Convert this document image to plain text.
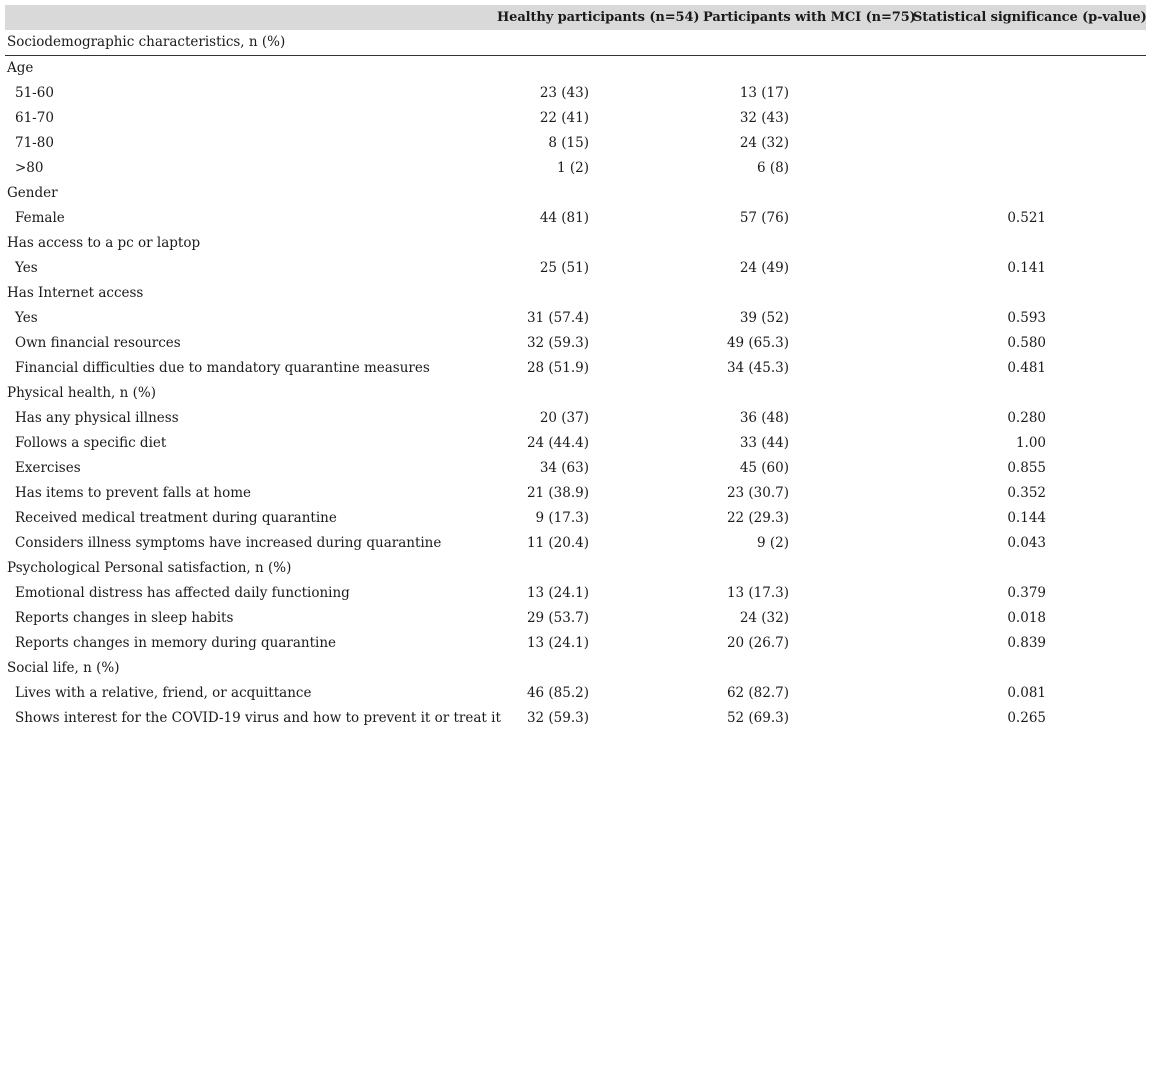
	Healthy participants (n=54)	Participants with MCI (n=75)	Statistical significance (p-value)
Sociodemographic characteristics, n (%)			
Age			
51-60	23 (43)	13 (17)	
61-70	22 (41)	32 (43)	
71-80	8 (15)	24 (32)	
>80	1 (2)	6 (8)	
Gender			
Female	44 (81)	57 (76)	0.521
Has access to a pc or laptop			
Yes	25 (51)	24 (49)	0.141
Has Internet access			
Yes	31 (57.4)	39 (52)	0.593
Own financial resources	32 (59.3)	49 (65.3)	0.580
Financial difficulties due to mandatory quarantine measures	28 (51.9)	34 (45.3)	0.481
Physical health, n (%)			
Has any physical illness	20 (37)	36 (48)	0.280
Follows a specific diet	24 (44.4)	33 (44)	1.00
Exercises	34 (63)	45 (60)	0.855
Has items to prevent falls at home	21 (38.9)	23 (30.7)	0.352
Received medical treatment during quarantine	9 (17.3)	22 (29.3)	0.144
Considers illness symptoms have increased during quarantine	11 (20.4)	9 (2)	0.043
Psychological Personal satisfaction, n (%)			
Emotional distress has affected daily functioning	13 (24.1)	13 (17.3)	0.379
Reports changes in sleep habits	29 (53.7)	24 (32)	0.018
Reports changes in memory during quarantine	13 (24.1)	20 (26.7)	0.839
Social life, n (%)			
Lives with a relative, friend, or acquittance	46 (85.2)	62 (82.7)	0.081
Shows interest for the COVID-19 virus and how to prevent it or treat it	32 (59.3)	52 (69.3)	0.265
